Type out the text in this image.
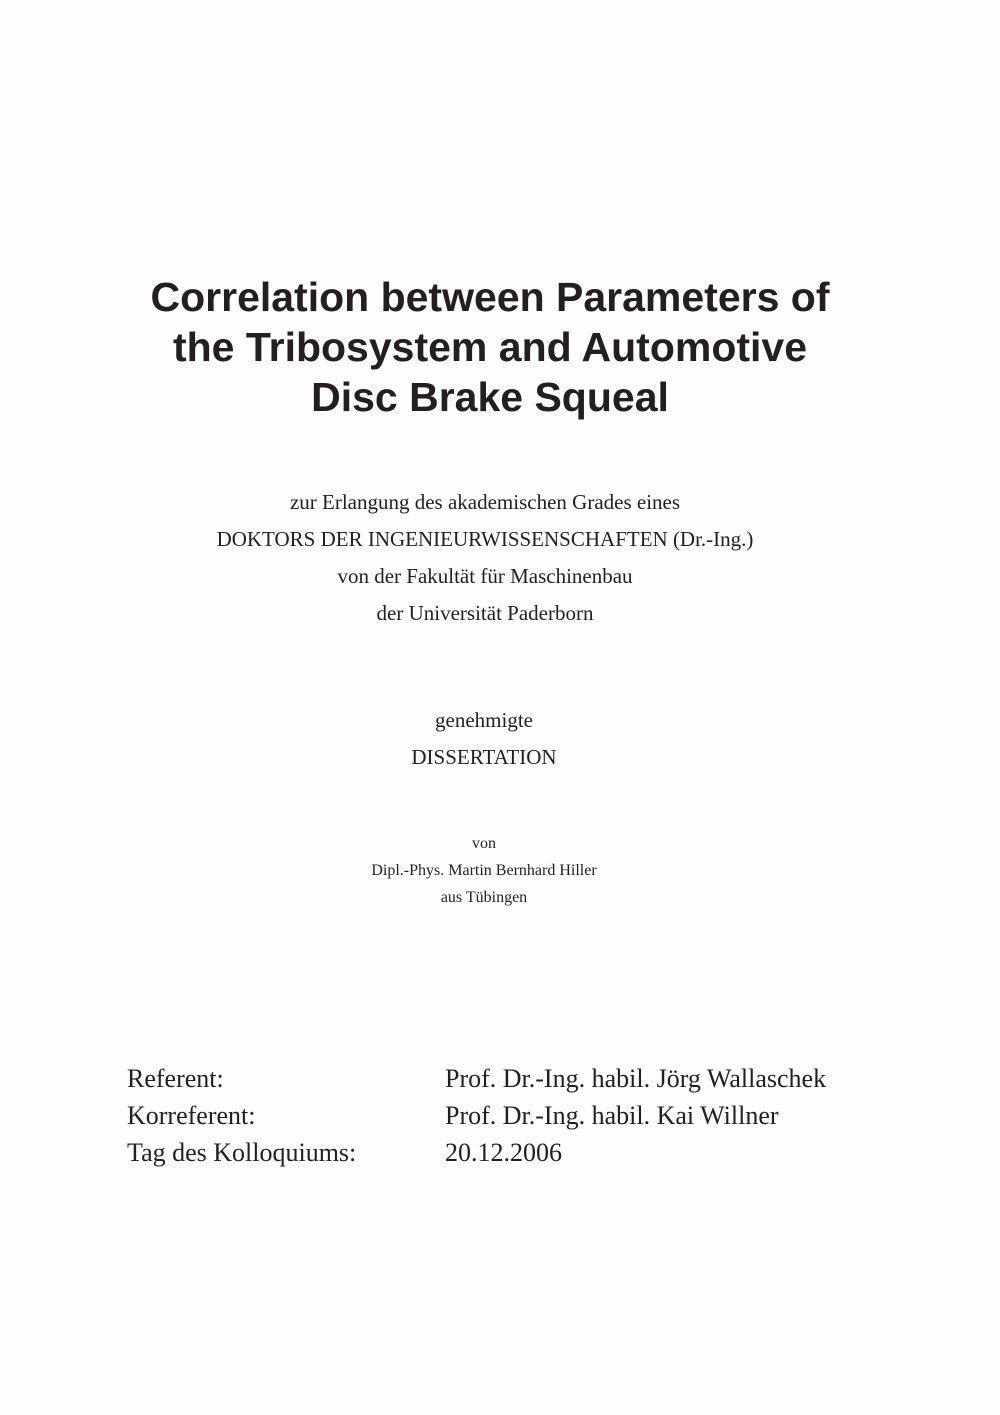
Correlation between Parameters of
the Tribosystem and Automotive
Disc Brake Squeal
zur Erlangung des akademischen Grades eines
DOKTORS DER INGENIEURWISSENSCHAFTEN (Dr.-Ing.)
von der Fakultät für Maschinenbau
der Universität Paderborn
genehmigte
DISSERTATION
von
Dipl.-Phys. Martin Bernhard Hiller
aus Tübingen
Referent:	Prof. Dr.-Ing. habil. Jörg Wallaschek
Korreferent:	Prof. Dr.-Ing. habil. Kai Willner
Tag des Kolloquiums:	20.12.2006
